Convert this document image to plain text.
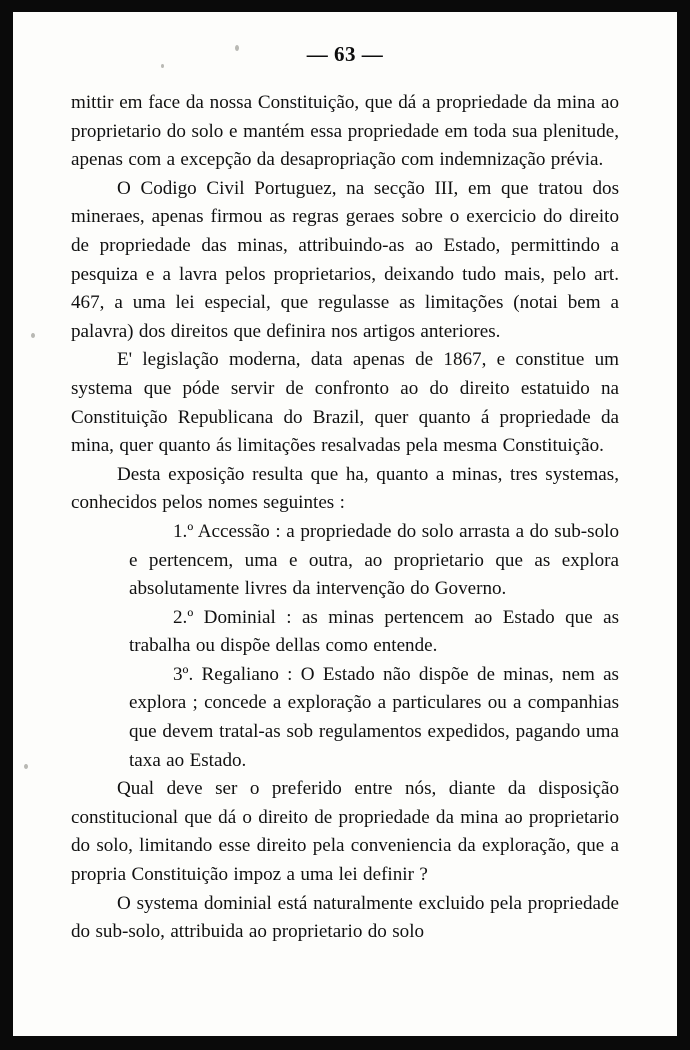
— 63 —

mittir em face da nossa Constituição, que dá a propriedade da mina ao proprietario do solo e mantém essa propriedade em toda sua plenitude, apenas com a excepção da desapropriação com indemnização prévia.

O Codigo Civil Portuguez, na secção III, em que tratou dos mineraes, apenas firmou as regras geraes sobre o exercicio do direito de propriedade das minas, attribuindo-as ao Estado, permittindo a pesquiza e a lavra pelos proprietarios, deixando tudo mais, pelo art. 467, a uma lei especial, que regulasse as limitações (notai bem a palavra) dos direitos que definira nos artigos anteriores.

E' legislação moderna, data apenas de 1867, e constitue um systema que póde servir de confronto ao do direito estatuido na Constituição Republicana do Brazil, quer quanto á propriedade da mina, quer quanto ás limitações resalvadas pela mesma Constituição.

Desta exposição resulta que ha, quanto a minas, tres systemas, conhecidos pelos nomes seguintes :

1.º Accessão : a propriedade do solo arrasta a do sub-solo e pertencem, uma e outra, ao proprietario que as explora absolutamente livres da intervenção do Governo.

2.º Dominial : as minas pertencem ao Estado que as trabalha ou dispõe dellas como entende.

3º. Regaliano : O Estado não dispõe de minas, nem as explora ; concede a exploração a particulares ou a companhias que devem tratal-as sob regulamentos expedidos, pagando uma taxa ao Estado.

Qual deve ser o preferido entre nós, diante da disposição constitucional que dá o direito de propriedade da mina ao proprietario do solo, limitando esse direito pela conveniencia da exploração, que a propria Constituição impoz a uma lei definir ?

O systema dominial está naturalmente excluido pela propriedade do sub-solo, attribuida ao proprietario do solo
